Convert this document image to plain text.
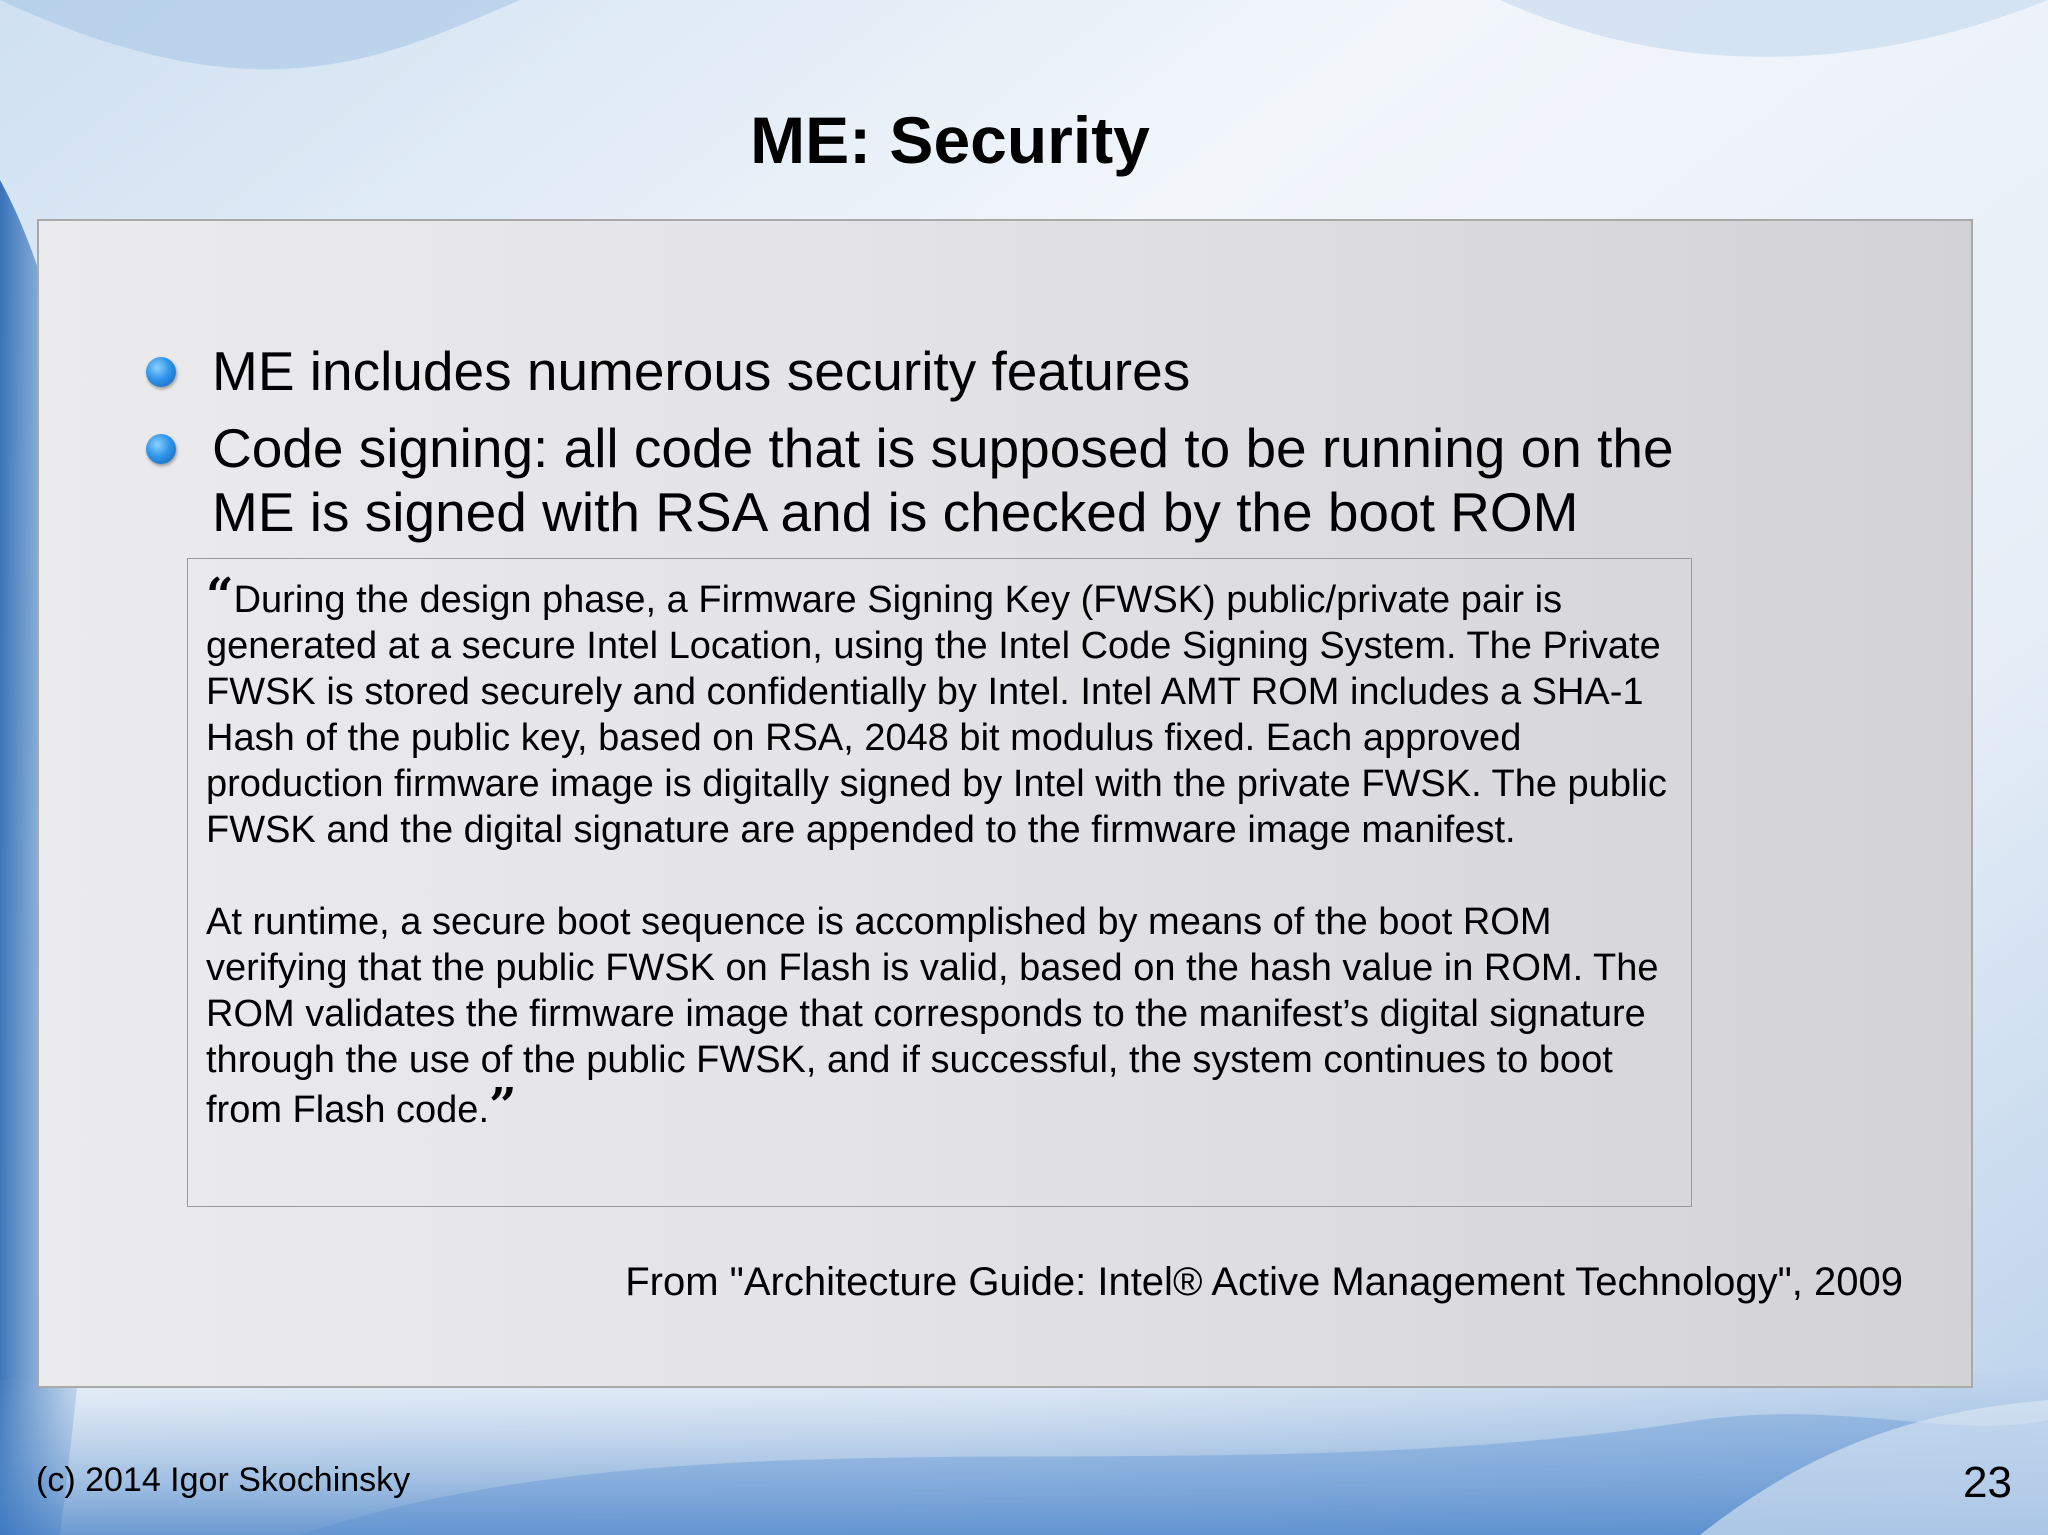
ME: Security
ME includes numerous security features
Code signing: all code that is supposed to be running on the ME is signed with RSA and is checked by the boot ROM

“During the design phase, a Firmware Signing Key (FWSK) public/private pair is generated at a secure Intel Location, using the Intel Code Signing System. The Private FWSK is stored securely and confidentially by Intel. Intel AMT ROM includes a SHA-1 Hash of the public key, based on RSA, 2048 bit modulus fixed. Each approved production firmware image is digitally signed by Intel with the private FWSK. The public FWSK and the digital signature are appended to the firmware image manifest.

At runtime, a secure boot sequence is accomplished by means of the boot ROM verifying that the public FWSK on Flash is valid, based on the hash value in ROM. The ROM validates the firmware image that corresponds to the manifest’s digital signature through the use of the public FWSK, and if successful, the system continues to boot from Flash code.”

From "Architecture Guide: Intel® Active Management Technology", 2009
(c) 2014 Igor Skochinsky	23
